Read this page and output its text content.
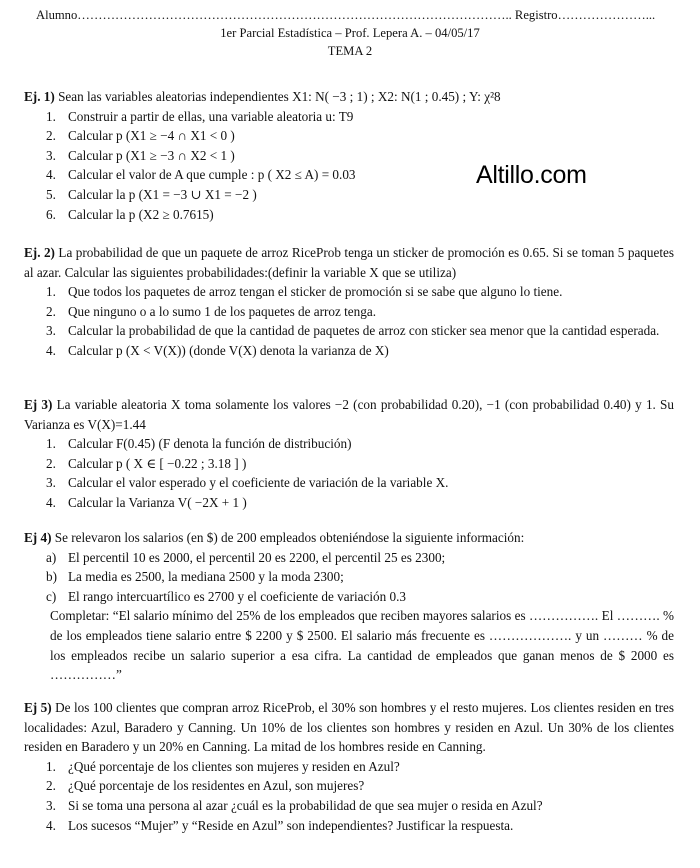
Alumno………………………………………………………………………………………….. Registro…………………...
1er Parcial Estadística – Prof. Lepera A. – 04/05/17
TEMA 2
Altillo.com

Ej. 1) Sean las variables aleatorias independientes X1: N( −3 ; 1) ; X2: N(1 ; 0.45) ; Y: χ²8

1. Construir a partir de ellas, una variable aleatoria u: T9
2. Calcular p (X1 ≥ −4 ∩ X1 < 0 )
3. Calcular p (X1 ≥ −3 ∩ X2 < 1 )
4. Calcular el valor de A que cumple : p ( X2 ≤ A) = 0.03
5. Calcular la p (X1 = −3 ∪ X1 = −2 )
6. Calcular la p (X2 ≥ 0.7615)

Ej. 2) La probabilidad de que un paquete de arroz RiceProb tenga un sticker de promoción es 0.65. Si se toman 5 paquetes al azar. Calcular las siguientes probabilidades:(definir la variable X que se utiliza)

1. Que todos los paquetes de arroz tengan el sticker de promoción si se sabe que alguno lo tiene.
2. Que ninguno o a lo sumo 1 de los paquetes de arroz tenga.
3. Calcular la probabilidad de que la cantidad de paquetes de arroz con sticker sea menor que la cantidad esperada.
4. Calcular p (X < V(X)) (donde V(X) denota la varianza de X)

Ej 3) La variable aleatoria X toma solamente los valores −2 (con probabilidad 0.20), −1 (con probabilidad 0.40) y 1. Su Varianza es V(X)=1.44

1. Calcular F(0.45) (F denota la función de distribución)
2. Calcular p ( X ∈ [ −0.22 ; 3.18 ] )
3. Calcular el valor esperado y el coeficiente de variación de la variable X.
4. Calcular la Varianza V( −2X + 1 )

Ej 4) Se relevaron los salarios (en $) de 200 empleados obteniéndose la siguiente información:

a) El percentil 10 es 2000, el percentil 20 es 2200, el percentil 25 es 2300;
b) La media es 2500, la mediana 2500 y la moda 2300;
c) El rango intercuartílico es 2700 y el coeficiente de variación 0.3

Completar: “El salario mínimo del 25% de los empleados que reciben mayores salarios es ……………. El ………. % de los empleados tiene salario entre $ 2200 y $ 2500. El salario más frecuente es ………………. y un ……… % de los empleados recibe un salario superior a esa cifra. La cantidad de empleados que ganan menos de $ 2000 es ……………”

Ej 5) De los 100 clientes que compran arroz RiceProb, el 30% son hombres y el resto mujeres. Los clientes residen en tres localidades: Azul, Baradero y Canning. Un 10% de los clientes son hombres y residen en Azul. Un 30% de los clientes residen en Baradero y un 20% en Canning. La mitad de los hombres reside en Canning.

1. ¿Qué porcentaje de los clientes son mujeres y residen en Azul?
2. ¿Qué porcentaje de los residentes en Azul, son mujeres?
3. Si se toma una persona al azar ¿cuál es la probabilidad de que sea mujer o resida en Azul?
4. Los sucesos “Mujer” y “Reside en Azul” son independientes? Justificar la respuesta.
